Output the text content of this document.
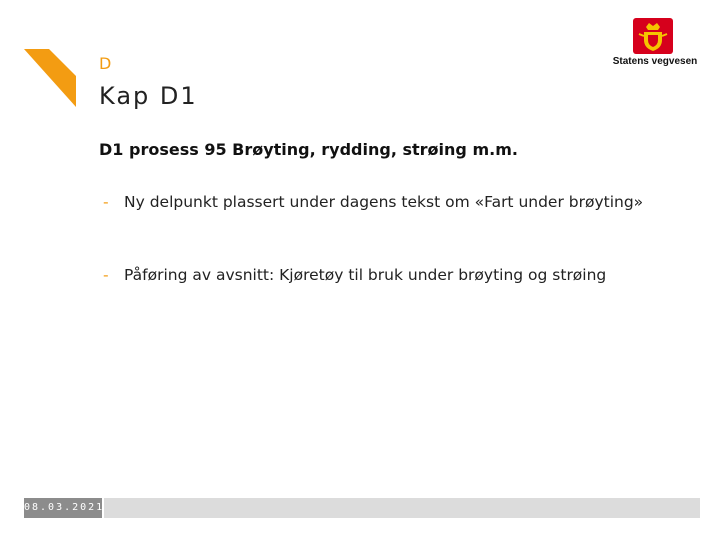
D
Kap D1
Statens vegvesen
D1 prosess 95 Brøyting, rydding, strøing m.m.
- Ny delpunkt plassert under dagens tekst om «Fart under brøyting»
- Påføring av avsnitt: Kjøretøy til bruk under brøyting og strøing
08.03.2021
